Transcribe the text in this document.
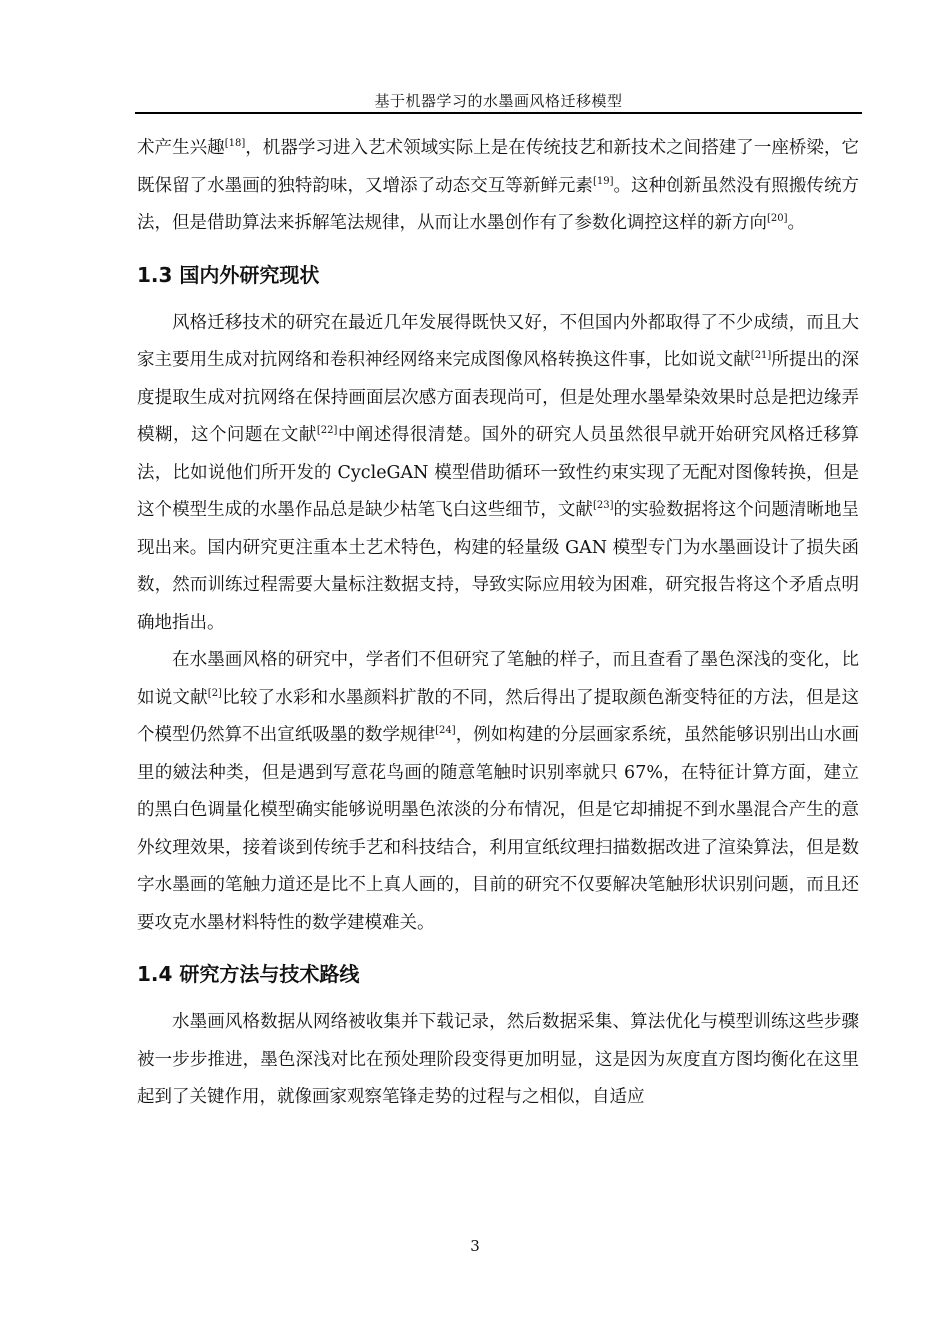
基于机器学习的水墨画风格迁移模型

术产生兴趣[18]，机器学习进入艺术领域实际上是在传统技艺和新技术之间搭建了一座桥梁，它既保留了水墨画的独特韵味，又增添了动态交互等新鲜元素[19]。这种创新虽然没有照搬传统方法，但是借助算法来拆解笔法规律，从而让水墨创作有了参数化调控这样的新方向[20]。

1.3 国内外研究现状

风格迁移技术的研究在最近几年发展得既快又好，不但国内外都取得了不少成绩，而且大家主要用生成对抗网络和卷积神经网络来完成图像风格转换这件事，比如说文献[21]所提出的深度提取生成对抗网络在保持画面层次感方面表现尚可，但是处理水墨晕染效果时总是把边缘弄模糊，这个问题在文献[22]中阐述得很清楚。国外的研究人员虽然很早就开始研究风格迁移算法，比如说他们所开发的 CycleGAN 模型借助循环一致性约束实现了无配对图像转换，但是这个模型生成的水墨作品总是缺少枯笔飞白这些细节，文献[23]的实验数据将这个问题清晰地呈现出来。国内研究更注重本土艺术特色，构建的轻量级 GAN 模型专门为水墨画设计了损失函数，然而训练过程需要大量标注数据支持，导致实际应用较为困难，研究报告将这个矛盾点明确地指出。

在水墨画风格的研究中，学者们不但研究了笔触的样子，而且查看了墨色深浅的变化，比如说文献[2]比较了水彩和水墨颜料扩散的不同，然后得出了提取颜色渐变特征的方法，但是这个模型仍然算不出宣纸吸墨的数学规律[24]，例如构建的分层画家系统，虽然能够识别出山水画里的皴法种类，但是遇到写意花鸟画的随意笔触时识别率就只 67%，在特征计算方面，建立的黑白色调量化模型确实能够说明墨色浓淡的分布情况，但是它却捕捉不到水墨混合产生的意外纹理效果，接着谈到传统手艺和科技结合，利用宣纸纹理扫描数据改进了渲染算法，但是数字水墨画的笔触力道还是比不上真人画的，目前的研究不仅要解决笔触形状识别问题，而且还要攻克水墨材料特性的数学建模难关。

1.4 研究方法与技术路线

水墨画风格数据从网络被收集并下载记录，然后数据采集、算法优化与模型训练这些步骤被一步步推进，墨色深浅对比在预处理阶段变得更加明显，这是因为灰度直方图均衡化在这里起到了关键作用，就像画家观察笔锋走势的过程与之相似，自适应

3
